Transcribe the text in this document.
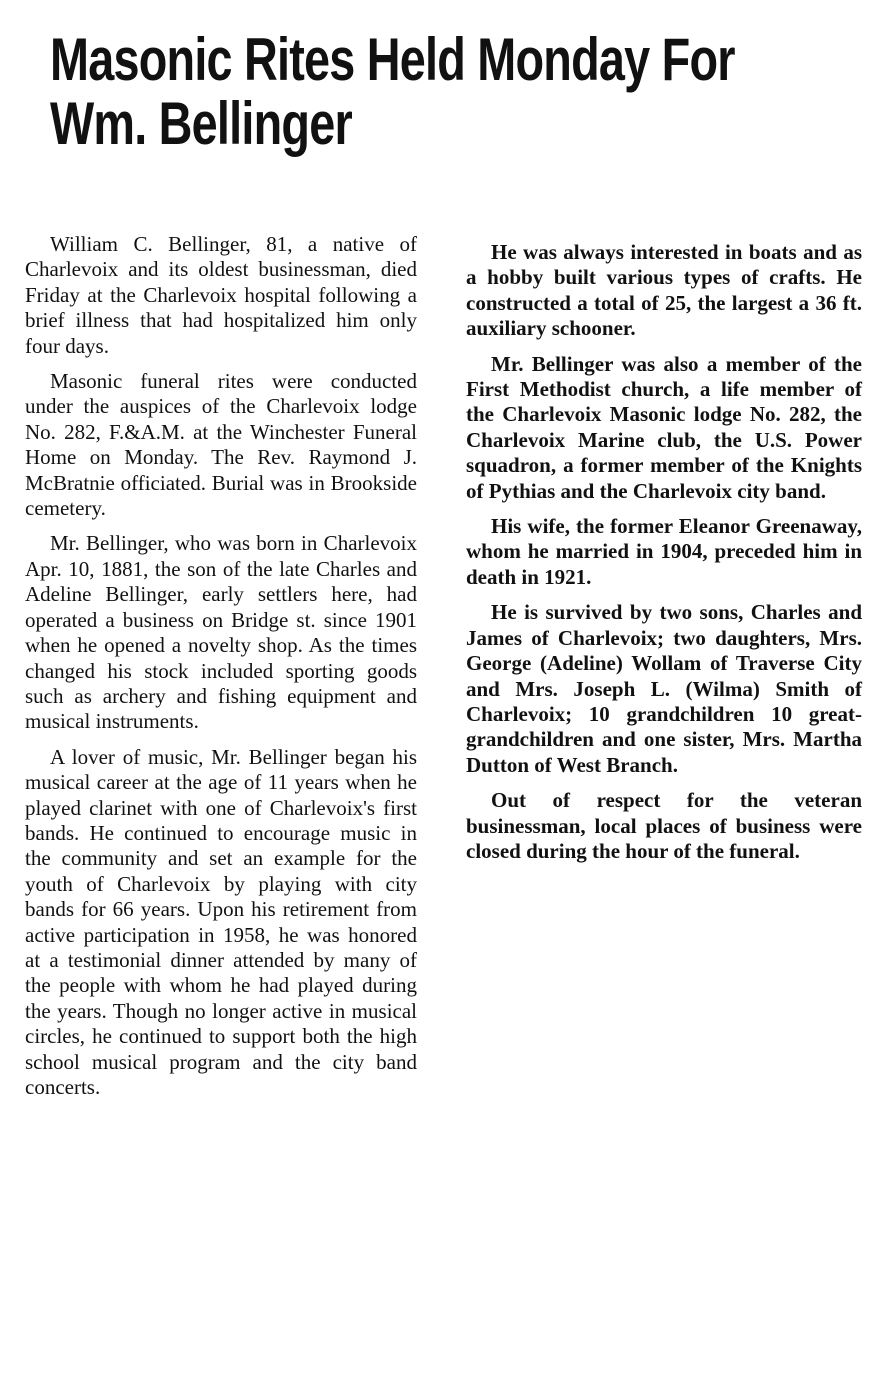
Masonic Rites Held Monday For
Wm. Bellinger

William C. Bellinger, 81, a native of Charlevoix and its oldest businessman, died Friday at the Charlevoix hospital following a brief illness that had hospitalized him only four days.

Masonic funeral rites were conducted under the auspices of the Charlevoix lodge No. 282, F.&A.M. at the Winchester Funeral Home on Monday. The Rev. Raymond J. McBratnie officiated. Burial was in Brookside cemetery.

Mr. Bellinger, who was born in Charlevoix Apr. 10, 1881, the son of the late Charles and Adeline Bellinger, early settlers here, had operated a business on Bridge st. since 1901 when he opened a novelty shop. As the times changed his stock included sporting goods such as archery and fishing equipment and musical instruments.

A lover of music, Mr. Bellinger began his musical career at the age of 11 years when he played clarinet with one of Charlevoix's first bands. He continued to encourage music in the community and set an example for the youth of Charlevoix by playing with city bands for 66 years. Upon his retirement from active participation in 1958, he was honored at a testimonial dinner attended by many of the people with whom he had played during the years. Though no longer active in musical circles, he continued to support both the high school musical program and the city band concerts.

He was always interested in boats and as a hobby built various types of crafts. He constructed a total of 25, the largest a 36 ft. auxiliary schooner.

Mr. Bellinger was also a member of the First Methodist church, a life member of the Charlevoix Masonic lodge No. 282, the Charlevoix Marine club, the U.S. Power squadron, a former member of the Knights of Pythias and the Charlevoix city band.

His wife, the former Eleanor Greenaway, whom he married in 1904, preceded him in death in 1921.

He is survived by two sons, Charles and James of Charlevoix; two daughters, Mrs. George (Adeline) Wollam of Traverse City and Mrs. Joseph L. (Wilma) Smith of Charlevoix; 10 grandchildren 10 great-grandchildren and one sister, Mrs. Martha Dutton of West Branch.

Out of respect for the veteran businessman, local places of business were closed during the hour of the funeral.
